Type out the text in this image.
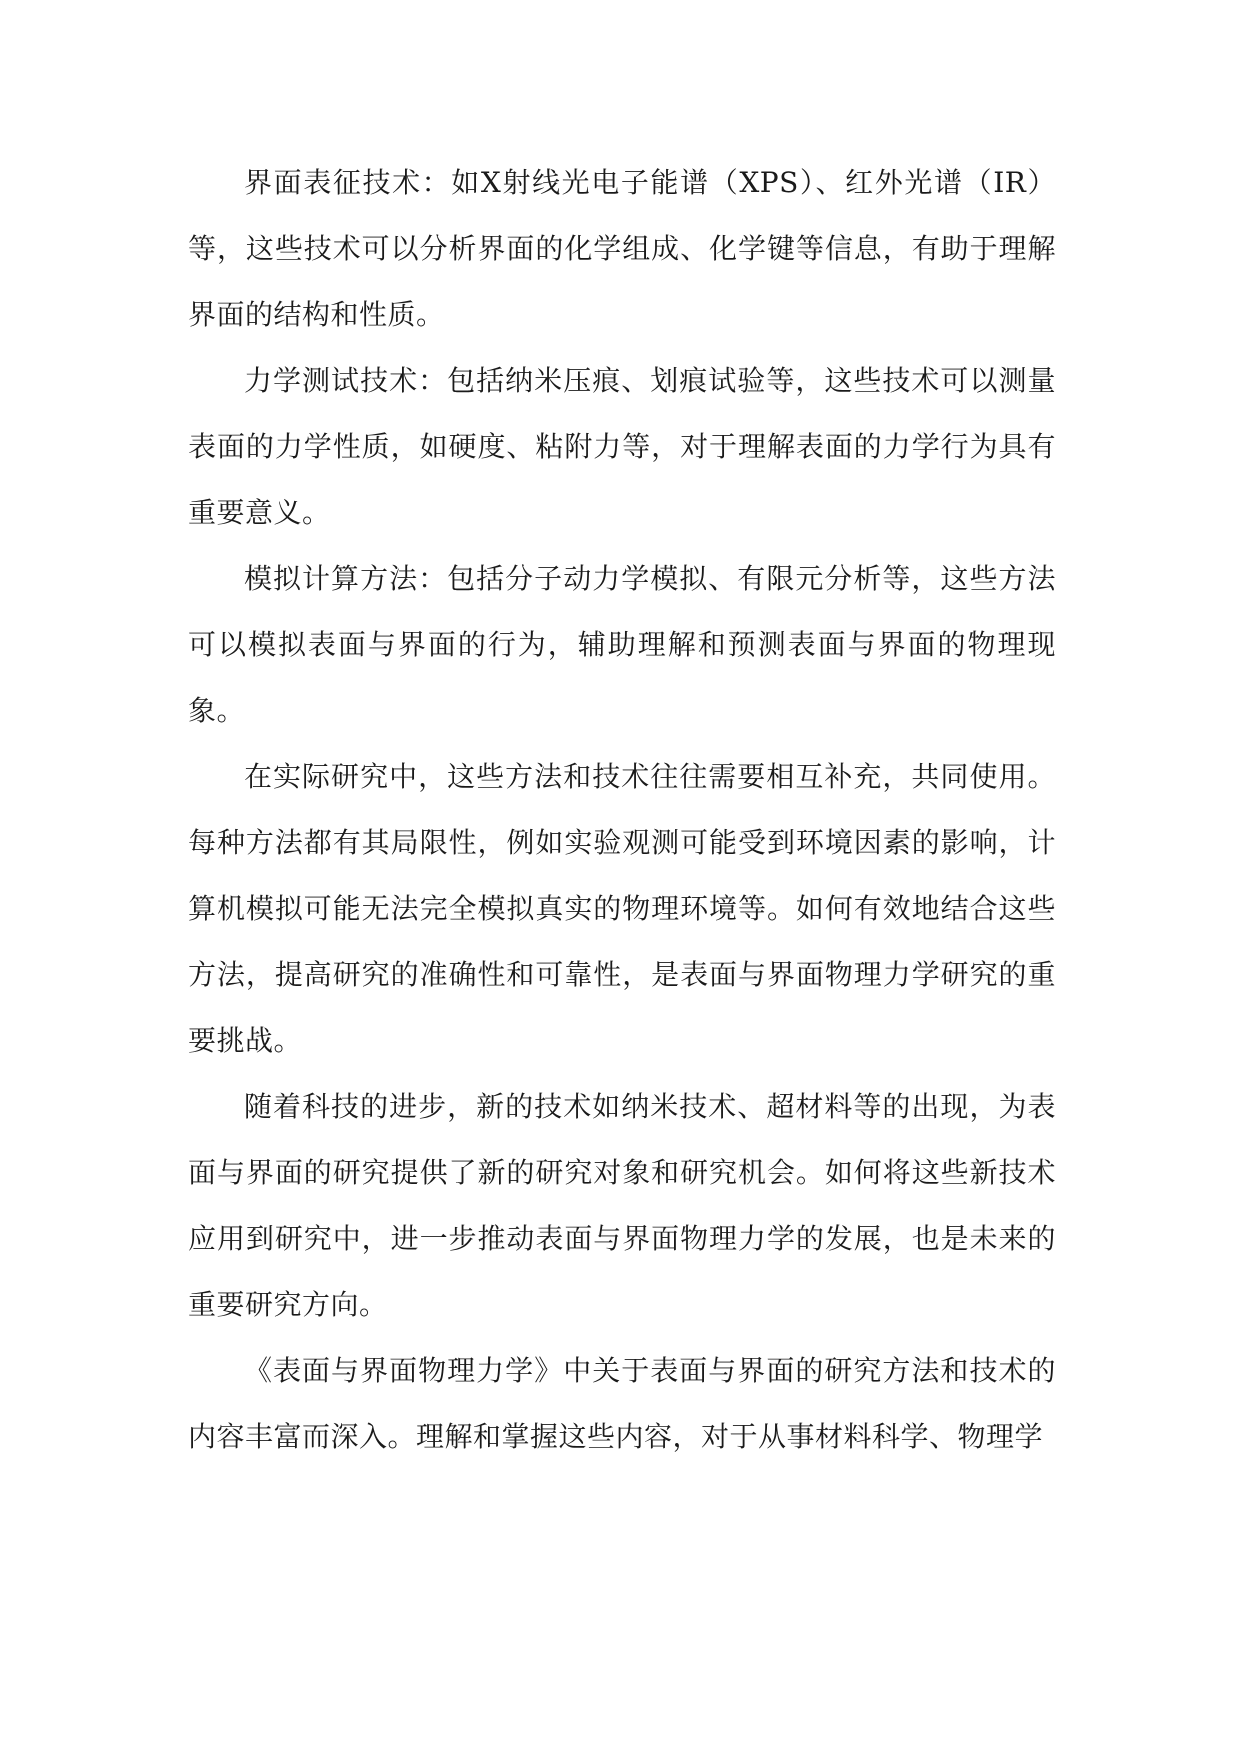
界面表征技术：如X射线光电子能谱（XPS）、红外光谱（IR）等，这些技术可以分析界面的化学组成、化学键等信息，有助于理解界面的结构和性质。

力学测试技术：包括纳米压痕、划痕试验等，这些技术可以测量表面的力学性质，如硬度、粘附力等，对于理解表面的力学行为具有重要意义。

模拟计算方法：包括分子动力学模拟、有限元分析等，这些方法可以模拟表面与界面的行为，辅助理解和预测表面与界面的物理现象。

在实际研究中，这些方法和技术往往需要相互补充，共同使用。每种方法都有其局限性，例如实验观测可能受到环境因素的影响，计算机模拟可能无法完全模拟真实的物理环境等。如何有效地结合这些方法，提高研究的准确性和可靠性，是表面与界面物理力学研究的重要挑战。

随着科技的进步，新的技术如纳米技术、超材料等的出现，为表面与界面的研究提供了新的研究对象和研究机会。如何将这些新技术应用到研究中，进一步推动表面与界面物理力学的发展，也是未来的重要研究方向。

《表面与界面物理力学》中关于表面与界面的研究方法和技术的内容丰富而深入。理解和掌握这些内容，对于从事材料科学、物理学
